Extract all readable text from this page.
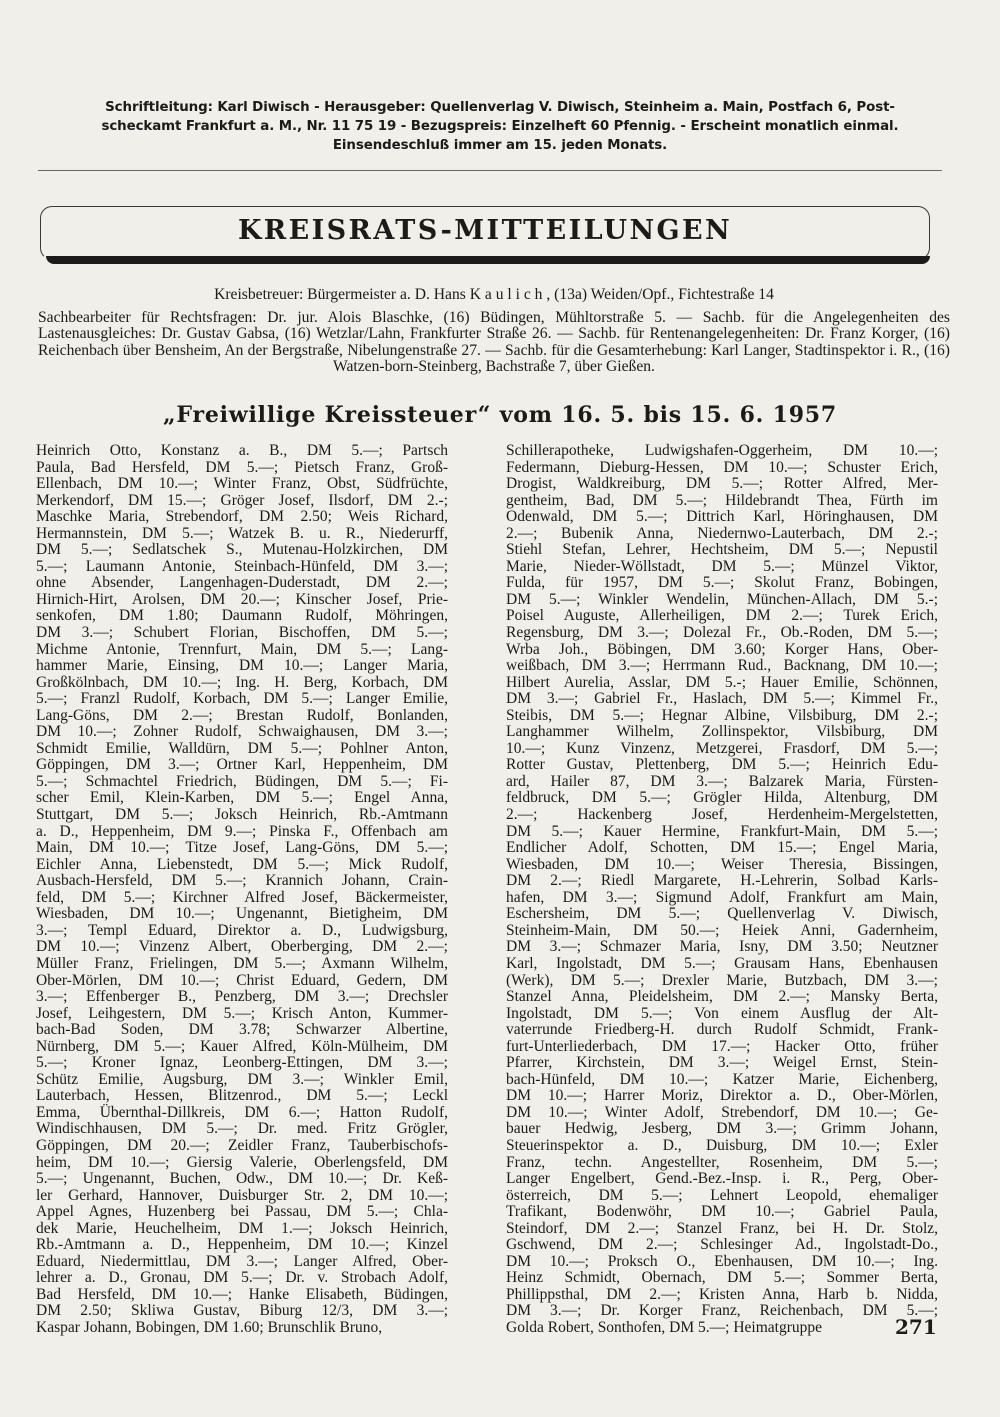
Schriftleitung: Karl Diwisch - Herausgeber: Quellenverlag V. Diwisch, Steinheim a. Main, Postfach 6, Post-
scheckamt Frankfurt a. M., Nr. 11 75 19 - Bezugspreis: Einzelheft 60 Pfennig. - Erscheint monatlich einmal.
Einsendeschluß immer am 15. jeden Monats.
KREISRATS-MITTEILUNGEN

Kreisbetreuer: Bürgermeister a. D. Hans K a u l i c h , (13a) Weiden/Opf., Fichtestraße 14

Sachbearbeiter für Rechtsfragen: Dr. jur. Alois Blaschke, (16) Büdingen, Mühltorstraße 5. — Sachb. für die Angelegenheiten des Lastenausgleiches: Dr. Gustav Gabsa, (16) Wetzlar/Lahn, Frankfurter Straße 26. — Sachb. für Rentenangelegenheiten: Dr. Franz Korger, (16) Reichenbach über Bensheim, An der Bergstraße, Nibelungenstraße 27. — Sachb. für die Gesamterhebung: Karl Langer, Stadtinspektor i. R., (16) Watzen-born-Steinberg, Bachstraße 7, über Gießen.

„Freiwillige Kreissteuer“ vom 16. 5. bis 15. 6. 1957
Heinrich Otto, Konstanz a. B., DM 5.—; Partsch
Paula, Bad Hersfeld, DM 5.—; Pietsch Franz, Groß-
Ellenbach, DM 10.—; Winter Franz, Obst, Südfrüchte,
Merkendorf, DM 15.—; Gröger Josef, Ilsdorf, DM 2.-;
Maschke Maria, Strebendorf, DM 2.50; Weis Richard,
Hermannstein, DM 5.—; Watzek B. u. R., Niederurff,
DM 5.—; Sedlatschek S., Mutenau-Holzkirchen, DM
5.—; Laumann Antonie, Steinbach-Hünfeld, DM 3.—;
ohne Absender, Langenhagen-Duderstadt, DM 2.—;
Hirnich-Hirt, Arolsen, DM 20.—; Kinscher Josef, Prie-
senkofen, DM 1.80; Daumann Rudolf, Möhringen,
DM 3.—; Schubert Florian, Bischoffen, DM 5.—;
Michme Antonie, Trennfurt, Main, DM 5.—; Lang-
hammer Marie, Einsing, DM 10.—; Langer Maria,
Großkölnbach, DM 10.—; Ing. H. Berg, Korbach, DM
5.—; Franzl Rudolf, Korbach, DM 5.—; Langer Emilie,
Lang-Göns, DM 2.—; Brestan Rudolf, Bonlanden,
DM 10.—; Zohner Rudolf, Schwaighausen, DM 3.—;
Schmidt Emilie, Walldürn, DM 5.—; Pohlner Anton,
Göppingen, DM 3.—; Ortner Karl, Heppenheim, DM
5.—; Schmachtel Friedrich, Büdingen, DM 5.—; Fi-
scher Emil, Klein-Karben, DM 5.—; Engel Anna,
Stuttgart, DM 5.—; Joksch Heinrich, Rb.-Amtmann
a. D., Heppenheim, DM 9.—; Pinska F., Offenbach am
Main, DM 10.—; Titze Josef, Lang-Göns, DM 5.—;
Eichler Anna, Liebenstedt, DM 5.—; Mick Rudolf,
Ausbach-Hersfeld, DM 5.—; Krannich Johann, Crain-
feld, DM 5.—; Kirchner Alfred Josef, Bäckermeister,
Wiesbaden, DM 10.—; Ungenannt, Bietigheim, DM
3.—; Templ Eduard, Direktor a. D., Ludwigsburg,
DM 10.—; Vinzenz Albert, Oberberging, DM 2.—;
Müller Franz, Frielingen, DM 5.—; Axmann Wilhelm,
Ober-Mörlen, DM 10.—; Christ Eduard, Gedern, DM
3.—; Effenberger B., Penzberg, DM 3.—; Drechsler
Josef, Leihgestern, DM 5.—; Krisch Anton, Kummer-
bach-Bad Soden, DM 3.78; Schwarzer Albertine,
Nürnberg, DM 5.—; Kauer Alfred, Köln-Mülheim, DM
5.—; Kroner Ignaz, Leonberg-Ettingen, DM 3.—;
Schütz Emilie, Augsburg, DM 3.—; Winkler Emil,
Lauterbach, Hessen, Blitzenrod., DM 5.—; Leckl
Emma, Übernthal-Dillkreis, DM 6.—; Hatton Rudolf,
Windischhausen, DM 5.—; Dr. med. Fritz Grögler,
Göppingen, DM 20.—; Zeidler Franz, Tauberbischofs-
heim, DM 10.—; Giersig Valerie, Oberlengsfeld, DM
5.—; Ungenannt, Buchen, Odw., DM 10.—; Dr. Keß-
ler Gerhard, Hannover, Duisburger Str. 2, DM 10.—;
Appel Agnes, Huzenberg bei Passau, DM 5.—; Chla-
dek Marie, Heuchelheim, DM 1.—; Joksch Heinrich,
Rb.-Amtmann a. D., Heppenheim, DM 10.—; Kinzel
Eduard, Niedermittlau, DM 3.—; Langer Alfred, Ober-
lehrer a. D., Gronau, DM 5.—; Dr. v. Strobach Adolf,
Bad Hersfeld, DM 10.—; Hanke Elisabeth, Büdingen,
DM 2.50; Skliwa Gustav, Biburg 12/3, DM 3.—;
Kaspar Johann, Bobingen, DM 1.60; Brunschlik Bruno,
Schillerapotheke, Ludwigshafen-Oggerheim, DM 10.—;
Federmann, Dieburg-Hessen, DM 10.—; Schuster Erich,
Drogist, Waldkreiburg, DM 5.—; Rotter Alfred, Mer-
gentheim, Bad, DM 5.—; Hildebrandt Thea, Fürth im
Odenwald, DM 5.—; Dittrich Karl, Höringhausen, DM
2.—; Bubenik Anna, Niedernwo-Lauterbach, DM 2.-;
Stiehl Stefan, Lehrer, Hechtsheim, DM 5.—; Nepustil
Marie, Nieder-Wöllstadt, DM 5.—; Münzel Viktor,
Fulda, für 1957, DM 5.—; Skolut Franz, Bobingen,
DM 5.—; Winkler Wendelin, München-Allach, DM 5.-;
Poisel Auguste, Allerheiligen, DM 2.—; Turek Erich,
Regensburg, DM 3.—; Dolezal Fr., Ob.-Roden, DM 5.—;
Wrba Joh., Böbingen, DM 3.60; Korger Hans, Ober-
weißbach, DM 3.—; Herrmann Rud., Backnang, DM 10.—;
Hilbert Aurelia, Asslar, DM 5.-; Hauer Emilie, Schönnen,
DM 3.—; Gabriel Fr., Haslach, DM 5.—; Kimmel Fr.,
Steibis, DM 5.—; Hegnar Albine, Vilsbiburg, DM 2.-;
Langhammer Wilhelm, Zollinspektor, Vilsbiburg, DM
10.—; Kunz Vinzenz, Metzgerei, Frasdorf, DM 5.—;
Rotter Gustav, Plettenberg, DM 5.—; Heinrich Edu-
ard, Hailer 87, DM 3.—; Balzarek Maria, Fürsten-
feldbruck, DM 5.—; Grögler Hilda, Altenburg, DM
2.—; Hackenberg Josef, Herdenheim-Mergelstetten,
DM 5.—; Kauer Hermine, Frankfurt-Main, DM 5.—;
Endlicher Adolf, Schotten, DM 15.—; Engel Maria,
Wiesbaden, DM 10.—; Weiser Theresia, Bissingen,
DM 2.—; Riedl Margarete, H.-Lehrerin, Solbad Karls-
hafen, DM 3.—; Sigmund Adolf, Frankfurt am Main,
Eschersheim, DM 5.—; Quellenverlag V. Diwisch,
Steinheim-Main, DM 50.—; Heiek Anni, Gadernheim,
DM 3.—; Schmazer Maria, Isny, DM 3.50; Neutzner
Karl, Ingolstadt, DM 5.—; Grausam Hans, Ebenhausen
(Werk), DM 5.—; Drexler Marie, Butzbach, DM 3.—;
Stanzel Anna, Pleidelsheim, DM 2.—; Mansky Berta,
Ingolstadt, DM 5.—; Von einem Ausflug der Alt-
vaterrunde Friedberg-H. durch Rudolf Schmidt, Frank-
furt-Unterliederbach, DM 17.—; Hacker Otto, früher
Pfarrer, Kirchstein, DM 3.—; Weigel Ernst, Stein-
bach-Hünfeld, DM 10.—; Katzer Marie, Eichenberg,
DM 10.—; Harrer Moriz, Direktor a. D., Ober-Mörlen,
DM 10.—; Winter Adolf, Strebendorf, DM 10.—; Ge-
bauer Hedwig, Jesberg, DM 3.—; Grimm Johann,
Steuerinspektor a. D., Duisburg, DM 10.—; Exler
Franz, techn. Angestellter, Rosenheim, DM 5.—;
Langer Engelbert, Gend.-Bez.-Insp. i. R., Perg, Ober-
österreich, DM 5.—; Lehnert Leopold, ehemaliger
Trafikant, Bodenwöhr, DM 10.—; Gabriel Paula,
Steindorf, DM 2.—; Stanzel Franz, bei H. Dr. Stolz,
Gschwend, DM 2.—; Schlesinger Ad., Ingolstadt-Do.,
DM 10.—; Proksch O., Ebenhausen, DM 10.—; Ing.
Heinz Schmidt, Obernach, DM 5.—; Sommer Berta,
Phillippsthal, DM 2.—; Kristen Anna, Harb b. Nidda,
DM 3.—; Dr. Korger Franz, Reichenbach, DM 5.—;
Golda Robert, Sonthofen, DM 5.—; Heimatgruppe	271
